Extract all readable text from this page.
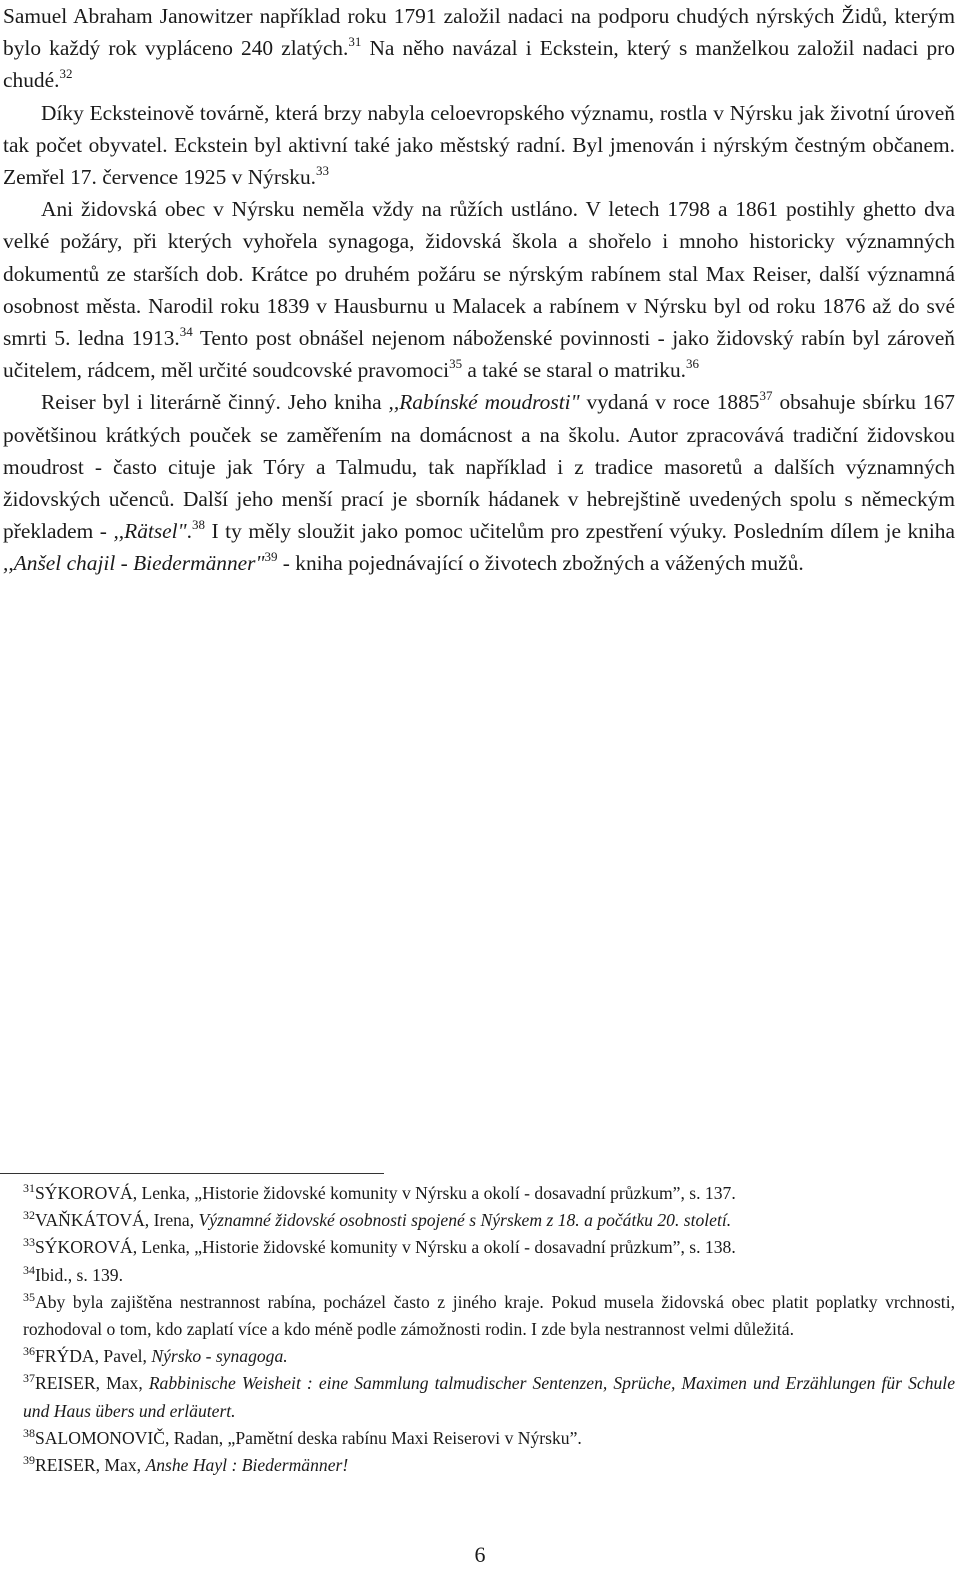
Samuel Abraham Janowitzer například roku 1791 založil nadaci na podporu chudých nýrských Židů, kterým bylo každý rok vypláceno 240 zlatých.$^{31}$ Na něho navázal i Eckstein, který s manželkou založil nadaci pro chudé.$^{32}$

Díky Ecksteinově továrně, která brzy nabyla celoevropského významu, rostla v Nýrsku jak životní úroveň tak počet obyvatel. Eckstein byl aktivní také jako městský radní. Byl jmenován i nýrským čestným občanem. Zemřel 17. července 1925 v Nýrsku.$^{33}$

Ani židovská obec v Nýrsku neměla vždy na růžích ustláno. V letech 1798 a 1861 postihly ghetto dva velké požáry, při kterých vyhořela synagoga, židovská škola a shořelo i mnoho historicky významných dokumentů ze starších dob. Krátce po druhém požáru se nýrským rabínem stal Max Reiser, další významná osobnost města. Narodil roku 1839 v Hausburnu u Malacek a rabínem v Nýrsku byl od roku 1876 až do své smrti 5. ledna 1913.34 Tento post obnášel nejenom náboženské povinnosti - jako židovský rabín byl zároveň učitelem, rádcem, měl určité soudcovské pravomoci$^{35}$ a také se staral o matriku.$^{36}$

Reiser byl i literárně činný. Jeho kniha ,,Rabínské moudrosti" vydaná v roce 1885$^{37}$ obsahuje sbírku 167 povětšinou krátkých pouček se zaměřením na domácnost a na školu. Autor zpracovává tradiční židovskou moudrost - často cituje jak Tóry a Talmudu, tak například i z tradice masoretů a dalších významných židovských učenců. Další jeho menší prací je sborník hádanek v hebrejštině uvedených spolu s německým překladem - ,,Rätsel".$^{38}$ I ty měly sloužit jako pomoc učitelům pro zpestření výuky. Posledním dílem je kniha ,,Anšel chajil - Biedermänner"$^{39}$ - kniha pojednávající o životech zbožných a vážených mužů.

$^{31}$SÝKOROVÁ, Lenka, „Historie židovské komunity v Nýrsku a okolí - dosavadní průzkum”, s. 137.

$^{32}$VAŇKÁTOVÁ, Irena, Významné židovské osobnosti spojené s Nýrskem z 18. a počátku 20. století.

$^{33}$SÝKOROVÁ, Lenka, „Historie židovské komunity v Nýrsku a okolí - dosavadní průzkum”, s. 138.

$^{34}$Ibid., s. 139.

$^{35}$Aby byla zajištěna nestrannost rabína, pocházel často z jiného kraje. Pokud musela židovská obec platit poplatky vrchnosti, rozhodoval o tom, kdo zaplatí více a kdo méně podle zámožnosti rodin. I zde byla nestrannost velmi důležitá.

$^{36}$FRÝDA, Pavel, Nýrsko - synagoga.

$^{37}$REISER, Max, Rabbinische Weisheit : eine Sammlung talmudischer Sentenzen, Sprüche, Maximen und Erzählungen für Schule und Haus übers und erläutert.

$^{38}$SALOMONOVIČ, Radan, „Pamětní deska rabínu Maxi Reiserovi v Nýrsku”.

$^{39}$REISER, Max, Anshe Hayl : Biedermänner!

6
